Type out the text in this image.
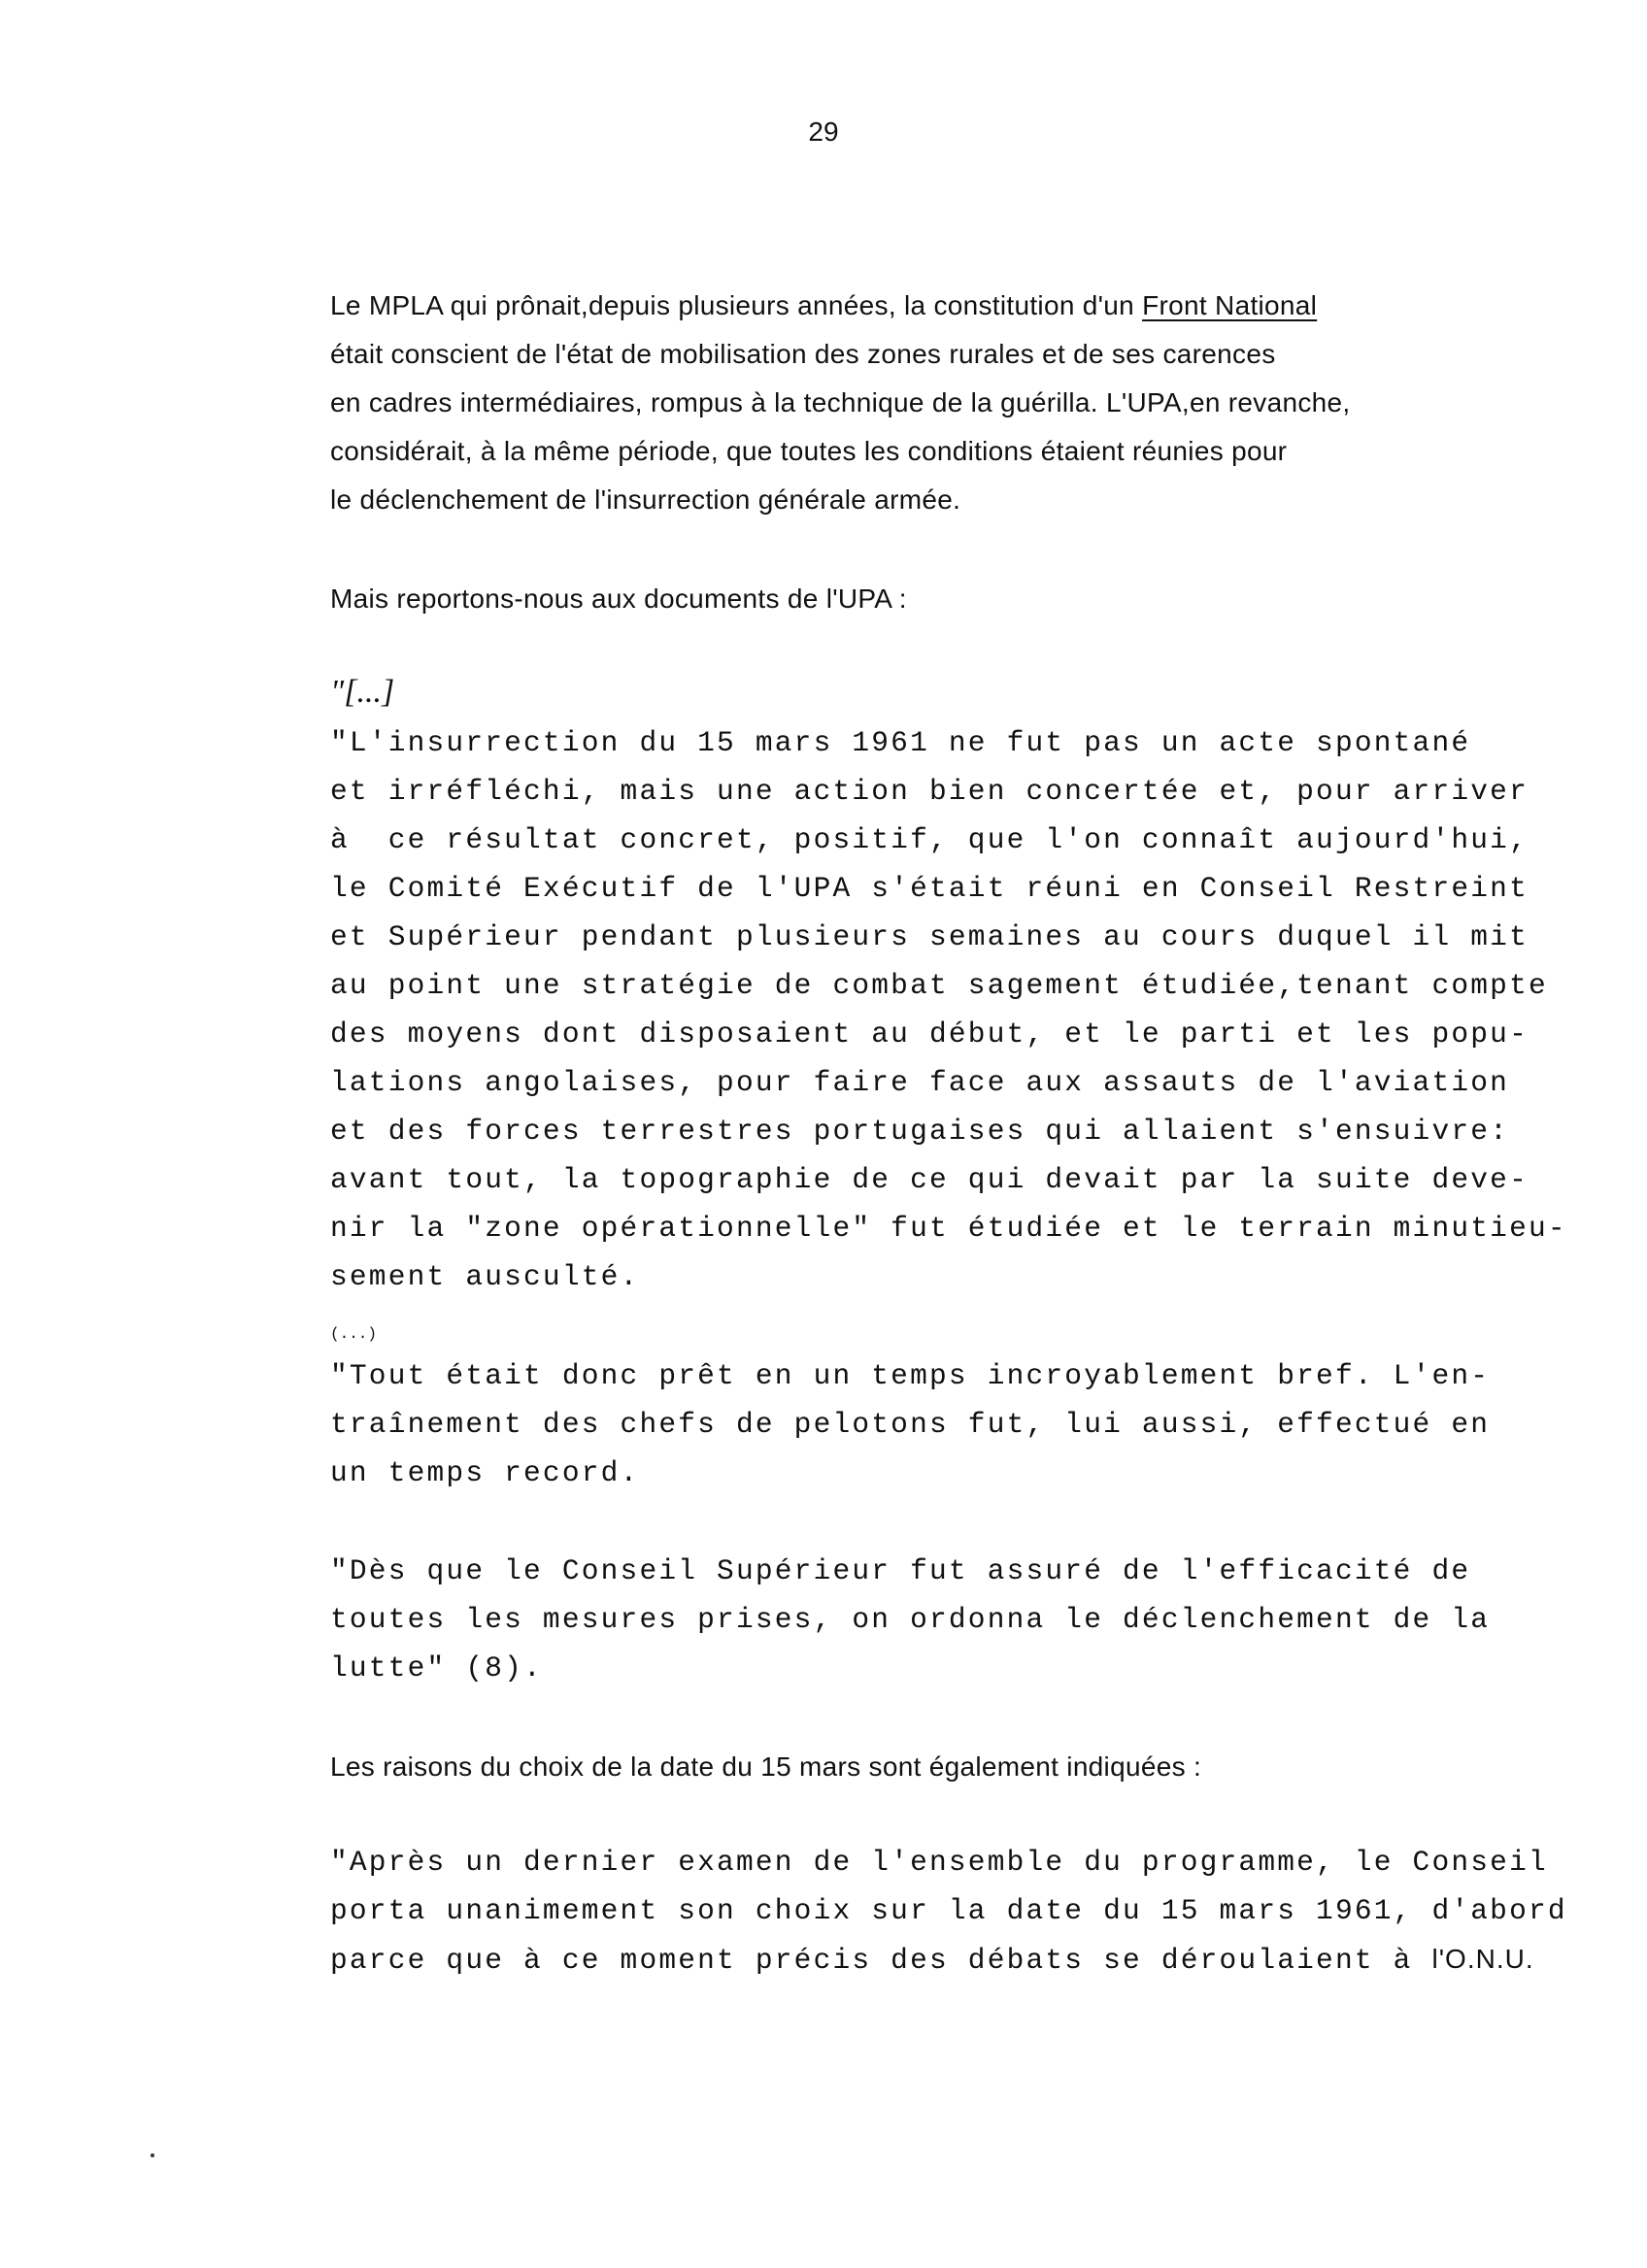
29
Le MPLA qui prônait,depuis plusieurs années, la constitution d'un Front National
était conscient de l'état de mobilisation des zones rurales et de ses carences
en cadres intermédiaires, rompus à la technique de la guérilla. L'UPA,en revanche,
considérait, à la même période, que toutes les conditions étaient réunies pour
le déclenchement de l'insurrection générale armée.
Mais reportons-nous aux documents de l'UPA :
"[...]
"L'insurrection du 15 mars 1961 ne fut pas un acte spontané
et irréfléchi, mais une action bien concertée et, pour arriver
à  ce résultat concret, positif, que l'on connaît aujourd'hui,
le Comité Exécutif de l'UPA s'était réuni en Conseil Restreint
et Supérieur pendant plusieurs semaines au cours duquel il mit
au point une stratégie de combat sagement étudiée,tenant compte
des moyens dont disposaient au début, et le parti et les popu-
lations angolaises, pour faire face aux assauts de l'aviation
et des forces terrestres portugaises qui allaient s'ensuivre:
avant tout, la topographie de ce qui devait par la suite deve-
nir la "zone opérationnelle" fut étudiée et le terrain minutieu-
sement ausculté.
(...)
"Tout était donc prêt en un temps incroyablement bref. L'en-
traînement des chefs de pelotons fut, lui aussi, effectué en
un temps record.
"Dès que le Conseil Supérieur fut assuré de l'efficacité de
toutes les mesures prises, on ordonna le déclenchement de la
lutte" (8).
Les raisons du choix de la date du 15 mars sont également indiquées :
"Après un dernier examen de l'ensemble du programme, le Conseil
porta unanimement son choix sur la date du 15 mars 1961, d'abord
parce que à ce moment précis des débats se déroulaient à l'O.N.U.
